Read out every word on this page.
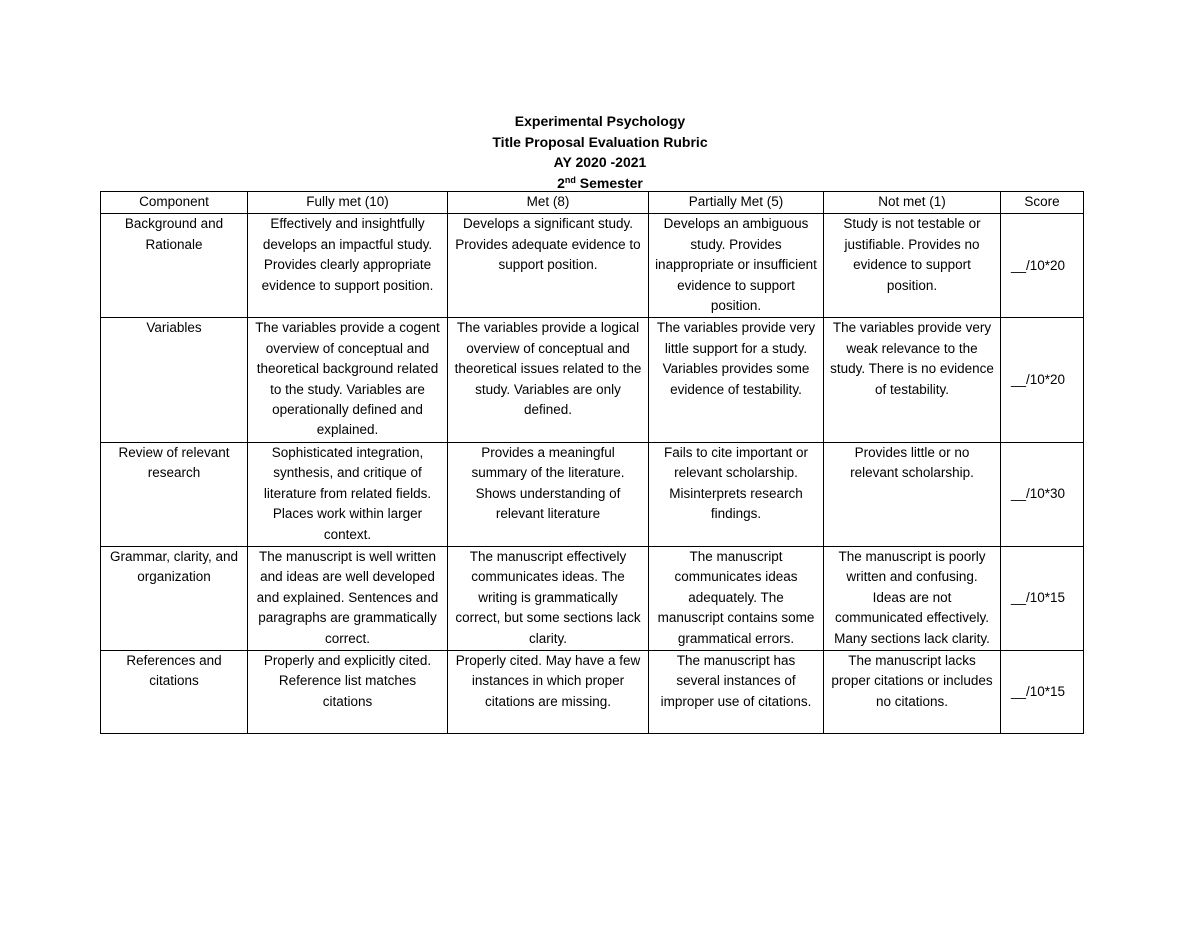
Experimental Psychology
Title Proposal Evaluation Rubric
AY 2020 -2021
2nd Semester
Component	Fully met (10)	Met (8)	Partially Met (5)	Not met (1)	Score
Background and Rationale	Effectively and insightfully develops an impactful study. Provides clearly appropriate evidence to support position.	Develops a significant study. Provides adequate evidence to support position.	Develops an ambiguous study. Provides inappropriate or insufficient evidence to support position.	Study is not testable or justifiable. Provides no evidence to support position.	__/10*20

Variables	The variables provide a cogent overview of conceptual and theoretical background related to the study. Variables are operationally defined and explained.	The variables provide a logical overview of conceptual and theoretical issues related to the study. Variables are only defined.	The variables provide very little support for a study. Variables provides some evidence of testability.	The variables provide very weak relevance to the study. There is no evidence of testability.	__/10*20

Review of relevant research	Sophisticated integration, synthesis, and critique of literature from related fields. Places work within larger context.	Provides a meaningful summary of the literature. Shows understanding of relevant literature	Fails to cite important or relevant scholarship. Misinterprets research findings.	Provides little or no relevant scholarship.	__/10*30

Grammar, clarity, and organization	The manuscript is well written and ideas are well developed and explained. Sentences and paragraphs are grammatically correct.	The manuscript effectively communicates ideas. The writing is grammatically correct, but some sections lack clarity.	The manuscript communicates ideas adequately. The manuscript contains some grammatical errors.	The manuscript is poorly written and confusing. Ideas are not communicated effectively. Many sections lack clarity.	__/10*15

References and citations	Properly and explicitly cited. Reference list matches citations	Properly cited. May have a few instances in which proper citations are missing.	The manuscript has several instances of improper use of citations.	The manuscript lacks proper citations or includes no citations.	__/10*15
